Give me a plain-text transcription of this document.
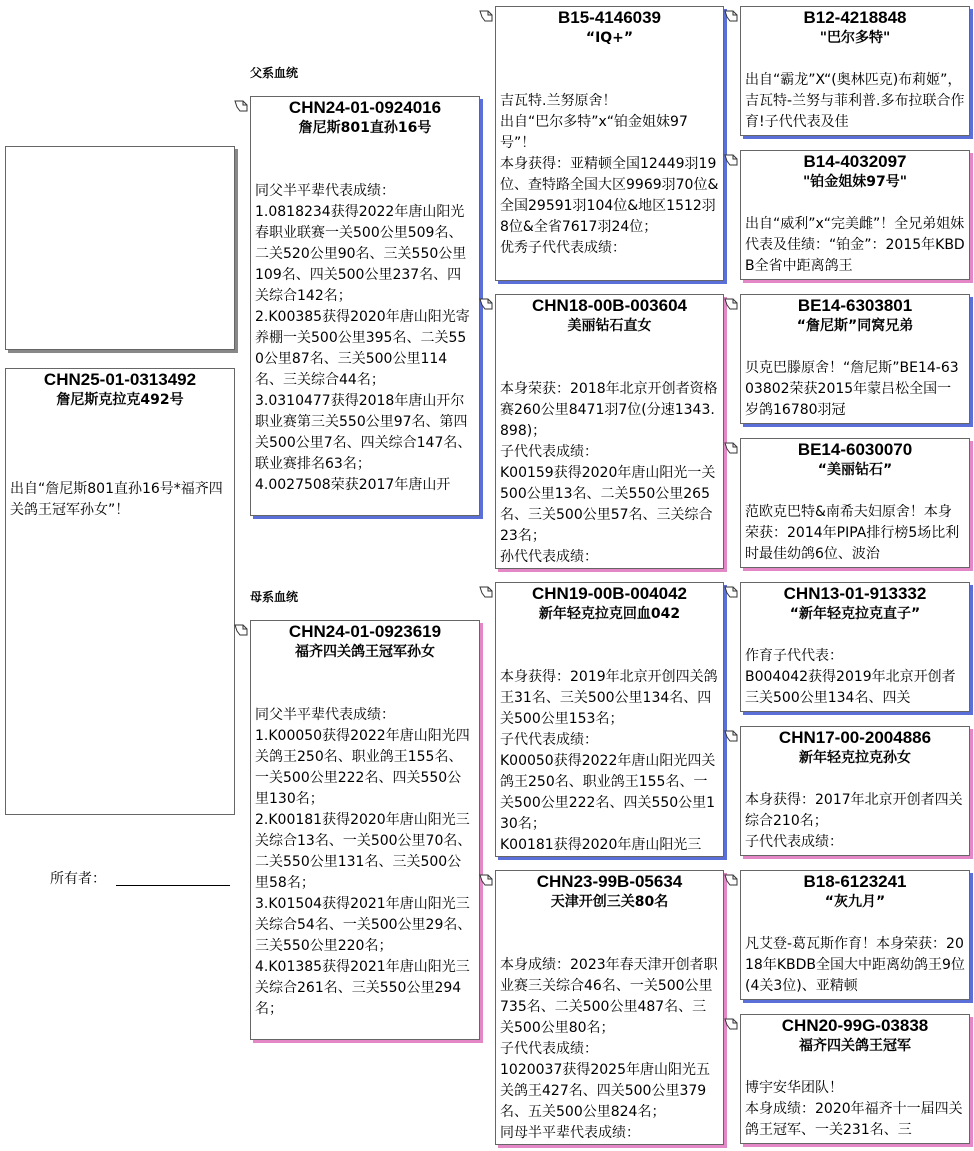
父系血统
母系血统
CHN25-01-0313492
詹尼斯克拉克492号
出自“詹尼斯801直孙16号*福齐四关鸽王冠军孙女”！
所有者：
CHN24-01-0924016
詹尼斯801直孙16号
同父半平辈代表成绩：
1.0818234获得2022年唐山阳光春职业联赛一关500公里509名、二关520公里90名、三关550公里109名、四关500公里237名、四关综合142名；
2.K00385获得2020年唐山阳光寄养棚一关500公里395名、二关550公里87名、三关500公里114名、三关综合44名；
3.0310477获得2018年唐山开尔职业赛第三关550公里97名、第四关500公里7名、四关综合147名、联业赛排名63名；
4.0027508荣获2017年唐山开
CHN24-01-0923619
福齐四关鸽王冠军孙女
同父半平辈代表成绩：
1.K00050获得2022年唐山阳光四关鸽王250名、职业鸽王155名、一关500公里222名、四关550公里130名；
2.K00181获得2020年唐山阳光三关综合13名、一关500公里70名、二关550公里131名、三关500公里58名；
3.K01504获得2021年唐山阳光三关综合54名、一关500公里29名、三关550公里220名；
4.K01385获得2021年唐山阳光三关综合261名、三关550公里294名；
B15-4146039
“IQ+”
吉瓦特.兰努原舍！
出自“巴尔多特”x“铂金姐妹97号”！
本身获得：亚精顿全国12449羽19位、查特路全国大区9969羽70位&全国29591羽104位&地区1512羽8位&全省7617羽24位；
优秀子代代表成绩：
CHN18-00B-003604
美丽钻石直女
本身荣获：2018年北京开创者资格赛260公里8471羽7位(分速1343.898)；
子代代表成绩：
K00159获得2020年唐山阳光一关500公里13名、二关550公里265名、三关500公里57名、三关综合23名；
孙代代表成绩：
CHN19-00B-004042
新年轻克拉克回血042
本身获得：2019年北京开创四关鸽王31名、三关500公里134名、四关500公里153名；
子代代表成绩：
K00050获得2022年唐山阳光四关鸽王250名、职业鸽王155名、一关500公里222名、四关550公里130名；
K00181获得2020年唐山阳光三
CHN23-99B-05634
天津开创三关80名
本身成绩：2023年春天津开创者职业赛三关综合46名、一关500公里735名、二关500公里487名、三关500公里80名；
子代代表成绩：
1020037获得2025年唐山阳光五关鸽王427名、四关500公里379名、五关500公里824名；
同母半平辈代表成绩：
B12-4218848
"巴尔多特"
出自“霸龙”X“(奥林匹克)布莉姬”，吉瓦特-兰努与菲利普.多布拉联合作育!子代代表及佳
B14-4032097
"铂金姐妹97号"
出自“威利”x“完美雌”！全兄弟姐妹代表及佳绩：“铂金”：2015年KBDB全省中距离鸽王
BE14-6303801
“詹尼斯”同窝兄弟
贝克巴滕原舍！“詹尼斯”BE14-6303802荣获2015年蒙吕松全国一岁鸽16780羽冠
BE14-6030070
“美丽钻石”
范欧克巴特&南希夫妇原舍！本身荣获：2014年PIPA排行榜5场比利时最佳幼鸽6位、波治
CHN13-01-913332
“新年轻克拉克直子”
作育子代代表：
B004042获得2019年北京开创者三关500公里134名、四关
CHN17-00-2004886
新年轻克拉克孙女
本身获得：2017年北京开创者四关综合210名；
子代代表成绩：
B18-6123241
“灰九月”
凡艾登-葛瓦斯作育！本身荣获：2018年KBDB全国大中距离幼鸽王9位(4关3位)、亚精顿
CHN20-99G-03838
福齐四关鸽王冠军
博宇安华团队！
本身成绩：2020年福齐十一届四关鸽王冠军、一关231名、三
